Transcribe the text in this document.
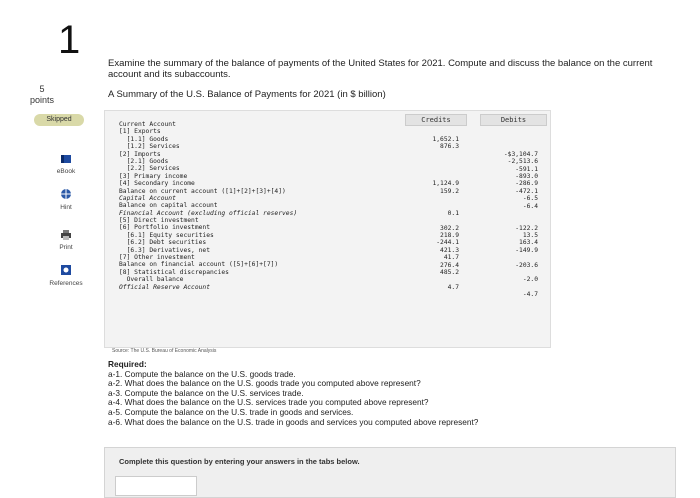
1
5
points
Examine the summary of the balance of payments of the United States for 2021. Compute and discuss the balance on the current account and its subaccounts.
A Summary of the U.S. Balance of Payments for 2021 (in $ billion)
Skipped
eBook
Hint
Print
References
Credits	Debits
Current Account
[1] Exports
[1.1] Goods
[1.2] Services
[2] Imports
[2.1] Goods
[2.2] Services
[3] Primary income
[4] Secondary income
Balance on current account ([1]+[2]+[3]+[4])
Capital Account
Balance on capital account
Financial Account (excluding official reserves)
[5] Direct investment
[6] Portfolio investment
[6.1] Equity securities
[6.2] Debt securities
[6.3] Derivatives, net
[7] Other investment
Balance on financial account ([5]+[6]+[7])
[8] Statistical discrepancies
Overall balance
Official Reserve Account
1,652.1
876.3
1,124.9
159.2
0.1
302.2
218.9
-244.1
421.3
41.7
276.4
485.2
4.7
-$3,104.7
-2,513.6
-591.1
-893.0
-286.9
-472.1
-6.5
-6.4
-122.2
13.5
163.4
-149.9
-203.6
-2.0
-4.7
Source: The U.S. Bureau of Economic Analysis
Required:
a-1. Compute the balance on the U.S. goods trade.
a-2. What does the balance on the U.S. goods trade you computed above represent?
a-3. Compute the balance on the U.S. services trade.
a-4. What does the balance on the U.S. services trade you computed above represent?
a-5. Compute the balance on the U.S. trade in goods and services.
a-6. What does the balance on the U.S. trade in goods and services you computed above represent?
Complete this question by entering your answers in the tabs below.
